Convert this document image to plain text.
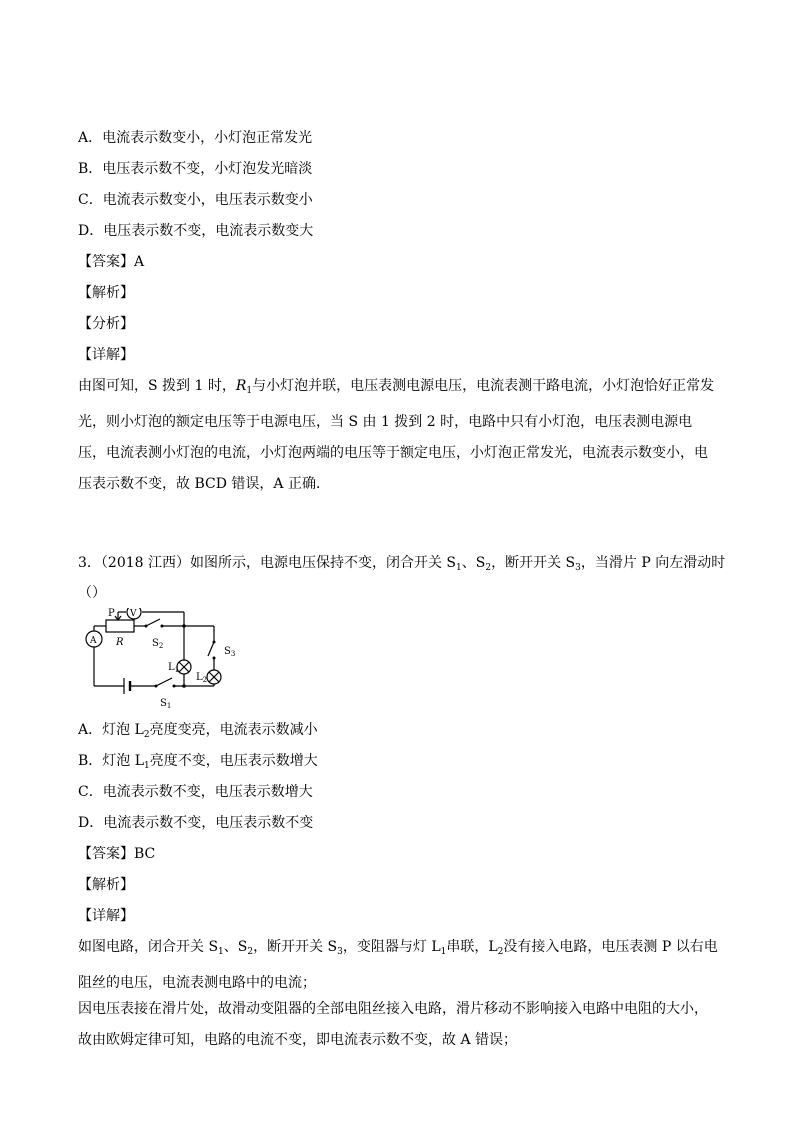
A．电流表示数变小，小灯泡正常发光
B．电压表示数不变，小灯泡发光暗淡
C．电流表示数变小，电压表示数变小
D．电压表示数不变，电流表示数变大
【答案】A
【解析】
【分析】
【详解】
由图可知，S 拨到 1 时，$R_1$与小灯泡并联，电压表测电源电压，电流表测干路电流，小灯泡恰好正常发光，则小灯泡的额定电压等于电源电压，当 S 由 1 拨到 2 时，电路中只有小灯泡，电压表测电源电压，电流表测小灯泡的电流，小灯泡两端的电压等于额定电压，小灯泡正常发光，电流表示数变小，电压表示数不变，故 BCD 错误，A 正确．
3．（2018 江西）如图所示，电源电压保持不变，闭合开关 $S_1$、$S_2$，断开开关 $S_3$，当滑片 P 向左滑动时
（）
P V
R
A	$S_2$	$S_3$
$L_1$
$L_2$
$S_1$
A．灯泡 $L_2$亮度变亮，电流表示数减小
B．灯泡 $L_1$亮度不变，电压表示数增大
C．电流表示数不变，电压表示数增大
D．电流表示数不变，电压表示数不变
【答案】BC
【解析】
【详解】
如图电路，闭合开关 $S_1$、$S_2$，断开开关 $S_3$，变阻器与灯 $L_1$串联，$L_2$没有接入电路，电压表测 P 以右电阻丝的电压，电流表测电路中的电流；
因电压表接在滑片处，故滑动变阻器的全部电阻丝接入电路，滑片移动不影响接入电路中电阻的大小，故由欧姆定律可知，电路的电流不变，即电流表示数不变，故 A 错误；
